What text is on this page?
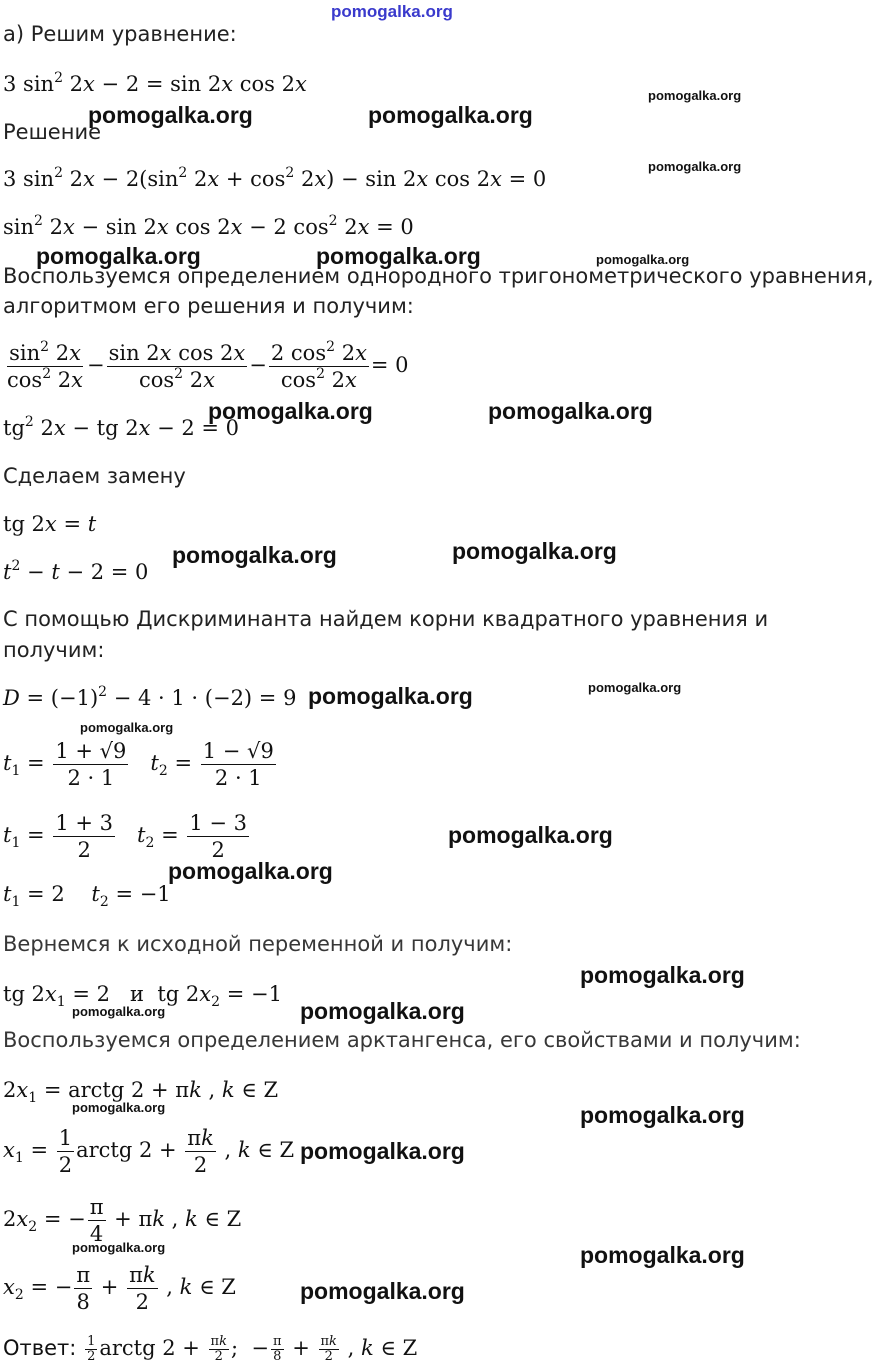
pomogalka.org
а) Решим уравнение:
3 $\sin^2 2x - 2 = \sin 2x$ cos 2x
Решение
3 $\sin^2 2x - 2(\sin^2$ $2x + \cos^2 2x) - \sin 2x$ cos 2x = 0
$\sin^2 2x - \sin 2x$ cos 2x − 2 $\cos^2 2x = 0$
Воспользуемся определением однородного тригонометрического уравнения,
алгоритмом его решения и получим:
$\frac{\sin^2 2x}{\cos^2 2x} - \frac{\text{sin 2x cos 2x}}{\cos^2 2x} - \frac{2 \cos^2 2x}{\cos^2 2x} = 0$
$tg^2$ 2x − tg 2x − 2 = 0
Сделаем замену
tg 2x = t
$t^2 - t - 2 = 0$
С помощью Дискриминанта найдем корни квадратного уравнения и
получим:
$D = (-1)^2 - 4 \cdot 1 \cdot (-2) = 9$
$t_1 = \frac{1 + √9}{2 \cdot 1} t_2 = \frac{1 - √9}{2 \cdot 1}$
$t_1 = \frac{1 + 3}{2} t_2 = \frac{1 - 3}{2}$
$t_1 = 2$    $t_2 = -1$
Вернемся к исходной переменной и получим:
tg $2x_1 = 2$   и  tg $2x_2 = -1$
Воспользуемся определением арктангенса, его свойствами и получим:
$2x_1$ = arctg 2 + πk , k ∈ Z
$x_1 = \frac{1}{2}$ arctg $2 + \frac{\pi k}{2}$ , k ∈ Z
$2x_2$ = − $\frac{\pi}{4} + \pi k$ , k ∈ Z
$x_2$ = − $\frac{\pi}{8} + \frac{\pi k}{2}$ , k ∈ Z
Ответ: $\frac{1}{2}$ arctg $2 + \frac{\pi k}{2}$ ;  − $\frac{\pi}{8} + \frac{\pi k}{2}$ , k ∈ Z
pomogalka.org
pomogalka.org	pomogalka.org
pomogalka.org
pomogalka.org	pomogalka.org	pomogalka.org
pomogalka.org	pomogalka.org
pomogalka.org	pomogalka.org
pomogalka.org	pomogalka.org
pomogalka.org
pomogalka.org
pomogalka.org
pomogalka.org
pomogalka.org
pomogalka.org
pomogalka.org	pomogalka.org
pomogalka.org
pomogalka.org	pomogalka.org
pomogalka.org
